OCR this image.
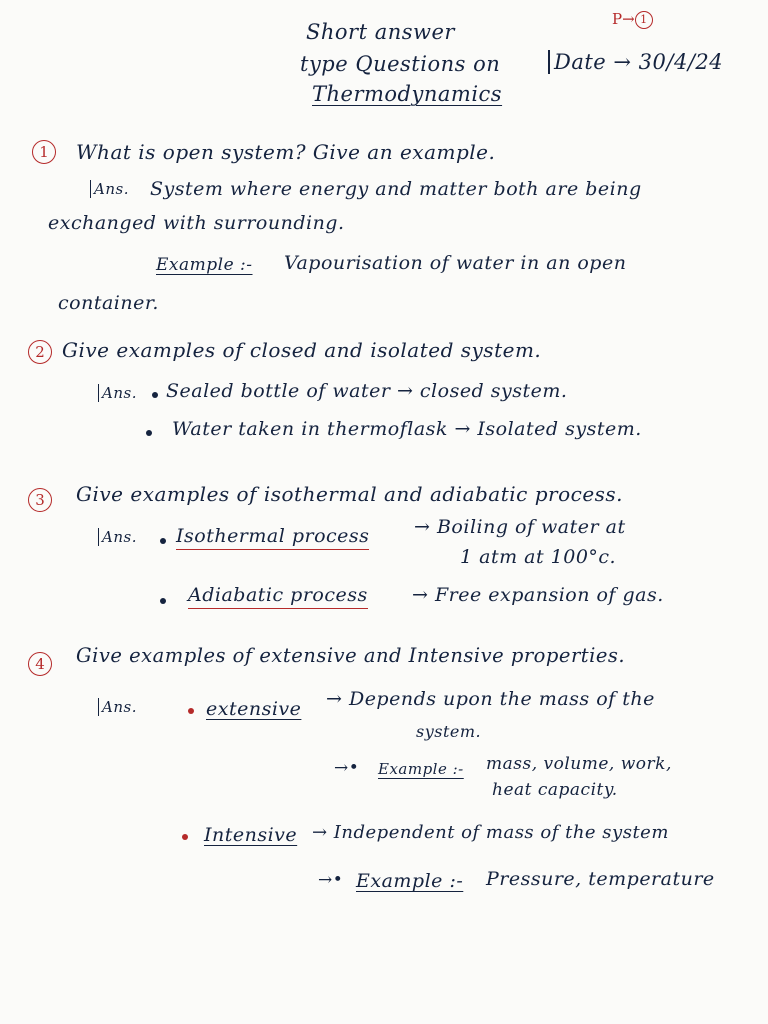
P→ 1
Short answer
type Questions on
Thermodynamics
Date → 30/4/24
1	What is open system? Give an example.
Ans. System where energy and matter both are being
exchanged with surrounding.
Example :- Vapourisation of water in an open
container.
2 Give examples of closed and isolated system.
Ans. Sealed bottle of water → closed system.
Water taken in thermoflask → Isolated system.
3	Give examples of isothermal and adiabatic process.
Ans. Isothermal process → Boiling of water at
1 atm at 100°c.
Adiabatic process → Free expansion of gas.
4	Give examples of extensive and Intensive properties.
Ans.	extensive → Depends upon the mass of the
system.
→• Example :- mass, volume, work,
heat capacity.
Intensive → Independent of mass of the system
→• Example :- Pressure, temperature
